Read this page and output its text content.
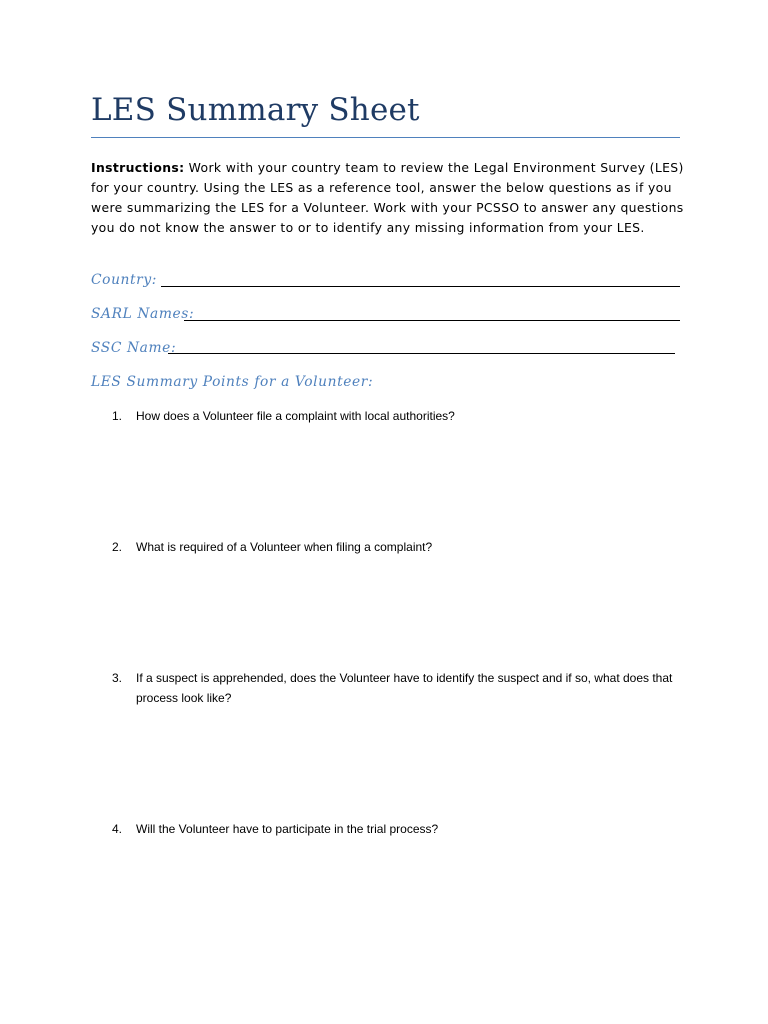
LES Summary Sheet
Instructions: Work with your country team to review the Legal Environment Survey (LES) for your country. Using the LES as a reference tool, answer the below questions as if you were summarizing the LES for a Volunteer. Work with your PCSSO to answer any questions you do not know the answer to or to identify any missing information from your LES.
Country:
SARL Names:
SSC Name:
LES Summary Points for a Volunteer:
1.	How does a Volunteer file a complaint with local authorities?
2.	What is required of a Volunteer when filing a complaint?
3.	If a suspect is apprehended, does the Volunteer have to identify the suspect and if so, what does that process look like?
4.	Will the Volunteer have to participate in the trial process?
